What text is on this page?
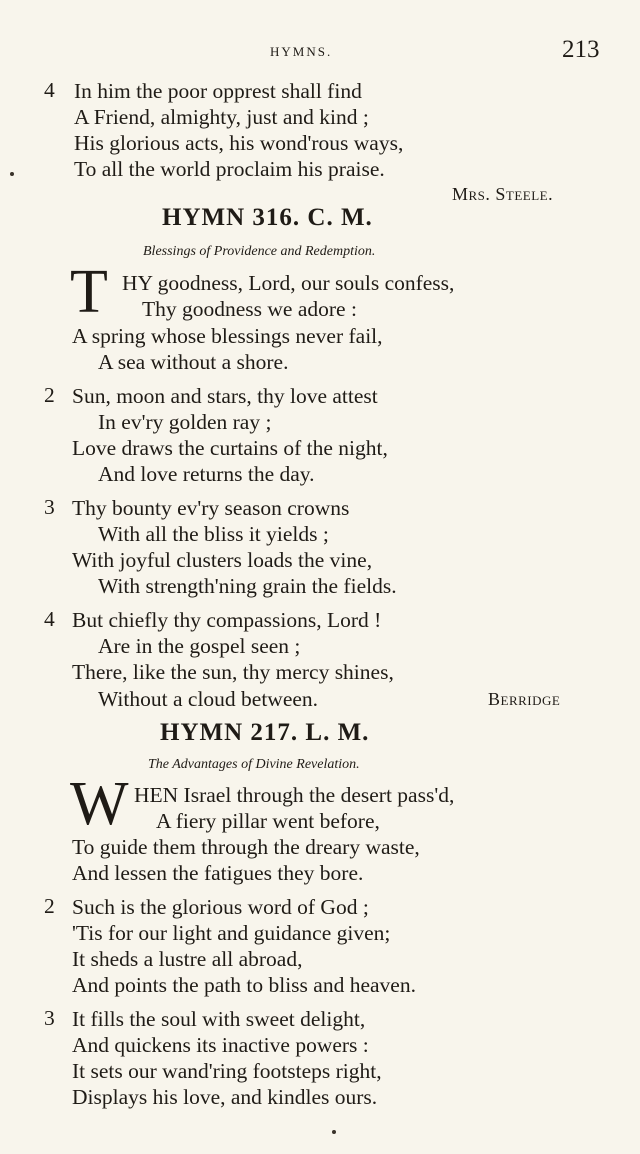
HYMNS.	213
4 In him the poor opprest shall find
A Friend, almighty, just and kind ;
His glorious acts, his wond'rous ways,
To all the world proclaim his praise.
Mrs. Steele.
HYMN 316. C. M.
Blessings of Providence and Redemption.
T HY goodness, Lord, our souls confess,
Thy goodness we adore :
A spring whose blessings never fail,
A sea without a shore.
2 Sun, moon and stars, thy love attest
In ev'ry golden ray ;
Love draws the curtains of the night,
And love returns the day.
3 Thy bounty ev'ry season crowns
With all the bliss it yields ;
With joyful clusters loads the vine,
With strength'ning grain the fields.
4 But chiefly thy compassions, Lord !
Are in the gospel seen ;
There, like the sun, thy mercy shines,
Without a cloud between.	Berridge
HYMN 217. L. M.
The Advantages of Divine Revelation.
W HEN Israel through the desert pass'd,
A fiery pillar went before,
To guide them through the dreary waste,
And lessen the fatigues they bore.
2 Such is the glorious word of God ;
'Tis for our light and guidance given;
It sheds a lustre all abroad,
And points the path to bliss and heaven.
3 It fills the soul with sweet delight,
And quickens its inactive powers :
It sets our wand'ring footsteps right,
Displays his love, and kindles ours.
